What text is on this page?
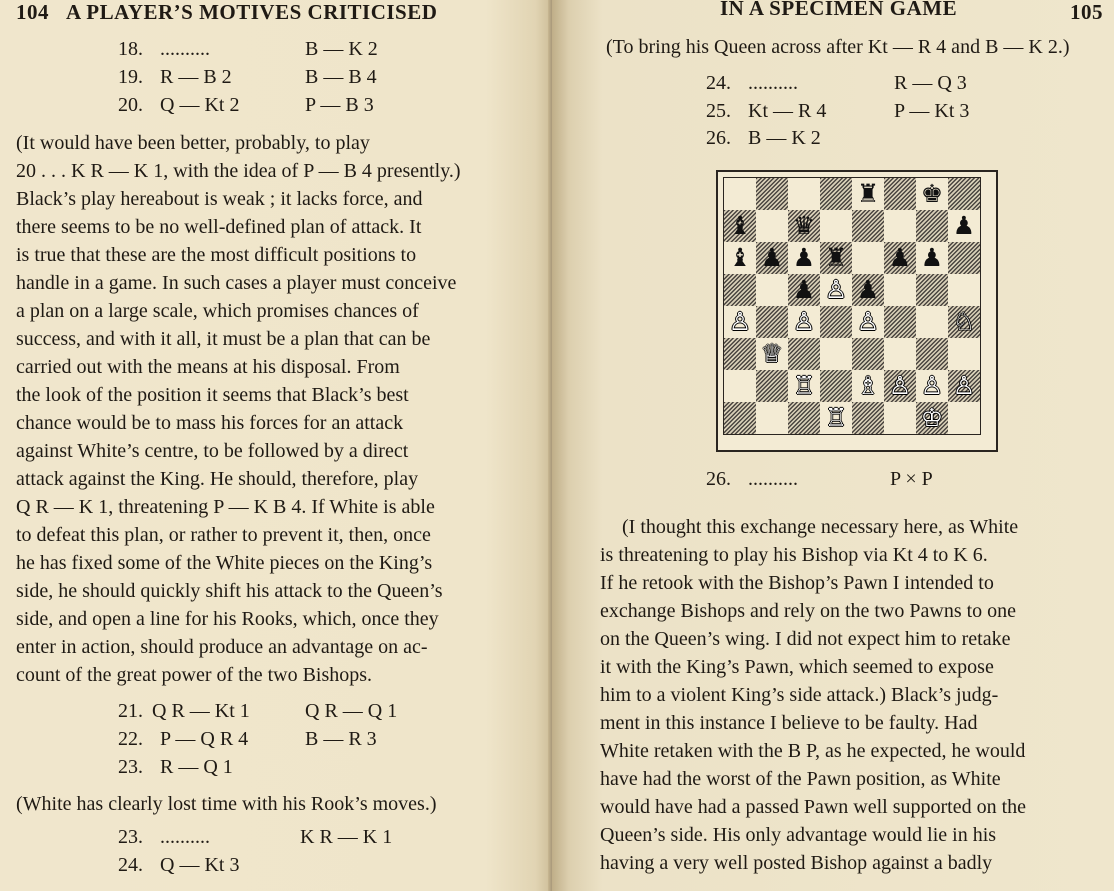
104 A PLAYER’S MOTIVES CRITICISED
18. ..........	B — K 2
19. R — B 2	B — B 4
20. Q — Kt 2	P — B 3
(It would have been better, probably, to play
20 . . . K R — K 1, with the idea of P — B 4 presently.)
Black’s play hereabout is weak ; it lacks force, and
there seems to be no well-defined plan of attack. It
is true that these are the most difficult positions to
handle in a game. In such cases a player must conceive
a plan on a large scale, which promises chances of
success, and with it all, it must be a plan that can be
carried out with the means at his disposal. From
the look of the position it seems that Black’s best
chance would be to mass his forces for an attack
against White’s centre, to be followed by a direct
attack against the King. He should, therefore, play
Q R — K 1, threatening P — K B 4. If White is able
to defeat this plan, or rather to prevent it, then, once
he has fixed some of the White pieces on the King’s
side, he should quickly shift his attack to the Queen’s
side, and open a line for his Rooks, which, once they
enter in action, should produce an advantage on ac-
count of the great power of the two Bishops.
21. Q R — Kt 1	Q R — Q 1
22. P — Q R 4	B — R 3
23. R — Q 1
(White has clearly lost time with his Rook’s moves.)
23. ..........	K R — K 1
24. Q — Kt 3
IN A SPECIMEN GAME	105
(To bring his Queen across after Kt — R 4 and B — K 2.)
24. ..........	R — Q 3
25. Kt — R 4	P — Kt 3
26. B — K 2
♜ ♚
♝ ♛	♟
♝ ♟ ♟ ♜ ♟ ♟
♟ ♙ ♟
♙ ♙ ♙	♘
♕
♖ ♗ ♙ ♙ ♙
♖	♔
26. ..........	P × P
(I thought this exchange necessary here, as White
is threatening to play his Bishop via Kt 4 to K 6.
If he retook with the Bishop’s Pawn I intended to
exchange Bishops and rely on the two Pawns to one
on the Queen’s wing. I did not expect him to retake
it with the King’s Pawn, which seemed to expose
him to a violent King’s side attack.) Black’s judg-
ment in this instance I believe to be faulty. Had
White retaken with the B P, as he expected, he would
have had the worst of the Pawn position, as White
would have had a passed Pawn well supported on the
Queen’s side. His only advantage would lie in his
having a very well posted Bishop against a badly
